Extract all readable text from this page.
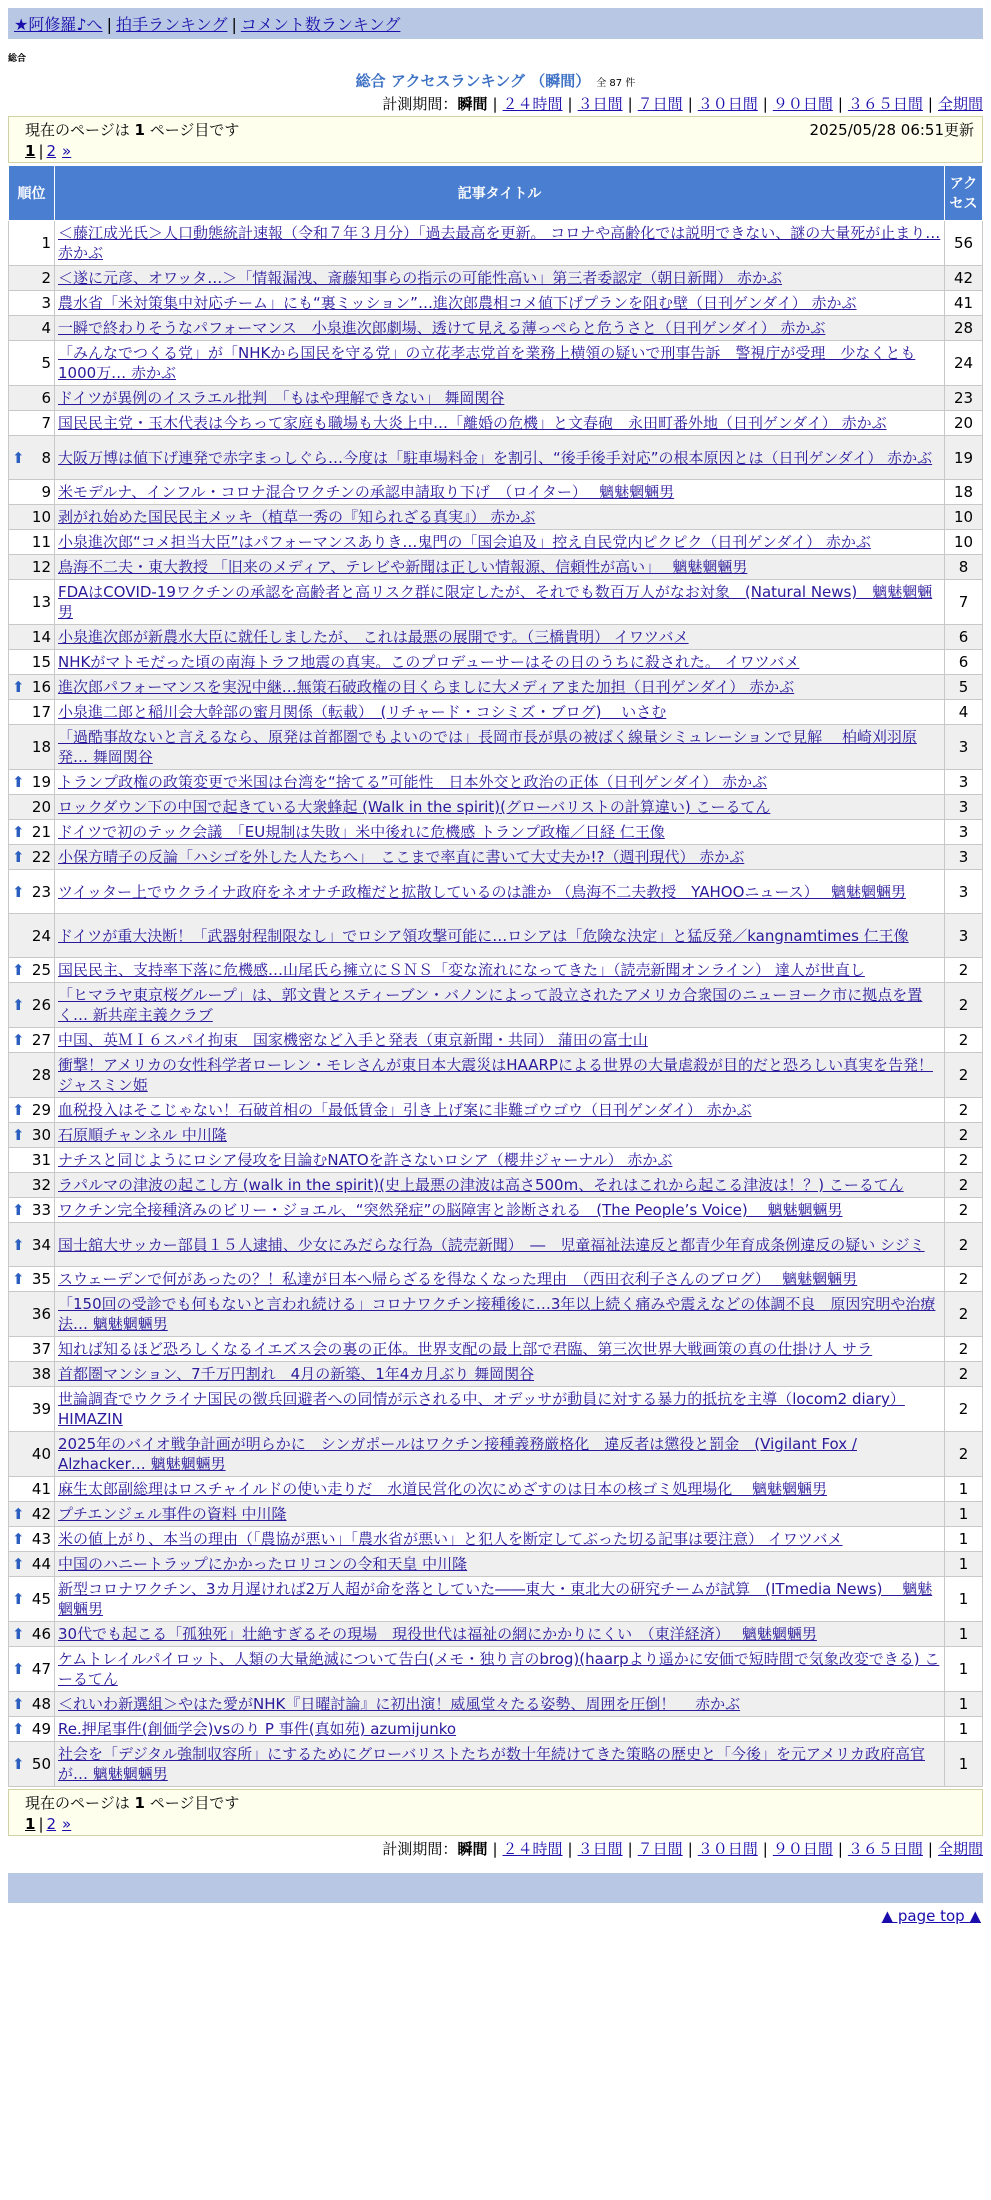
★阿修羅♪へ | 拍手ランキング | コメント数ランキング
総合
総合 アクセスランキング （瞬間） 全 87 件
計測期間：瞬間 | ２４時間 | ３日間 | ７日間 | ３０日間 | ９０日間 | ３６５日間 | 全期間
現在のページは 1 ページ目です	2025/05/28 06:51更新
1 | 2 »
順位	記事タイトル	アクセス
1	＜藤江成光氏＞人口動態統計速報（令和７年３月分）「過去最高を更新。 コロナや高齢化では説明できない、謎の大量死が止まり… 赤かぶ	56
2	＜遂に元彦、オワッタ…＞「情報漏洩、斎藤知事らの指示の可能性高い」第三者委認定（朝日新聞） 赤かぶ	42
3	農水省「米対策集中対応チーム」にも“裏ミッション”…進次郎農相コメ値下げプランを阻む壁（日刊ゲンダイ） 赤かぶ	41
4	一瞬で終わりそうなパフォーマンス　小泉進次郎劇場、透けて見える薄っぺらと危うさと（日刊ゲンダイ） 赤かぶ	28
5	「みんなでつくる党」が「NHKから国民を守る党」の立花孝志党首を業務上横領の疑いで刑事告訴　警視庁が受理　少なくとも1000万… 赤かぶ	24
6	ドイツが異例のイスラエル批判　「もはや理解できない」 舞岡関谷	23
7	国民民主党・玉木代表は今ちって家庭も職場も大炎上中…「離婚の危機」と文春砲　永田町番外地（日刊ゲンダイ） 赤かぶ	20

⬆ 8	大阪万博は値下げ連発で赤字まっしぐら…今度は「駐車場料金」を割引、“後手後手対応”の根本原因とは（日刊ゲンダイ） 赤かぶ	19
9	米モデルナ、インフル・コロナ混合ワクチンの承認申請取り下げ　（ロイター）　 魑魅魍魎男	18
10	剥がれ始めた国民民主メッキ（植草一秀の『知られざる真実』） 赤かぶ	10
11	小泉進次郎“コメ担当大臣”はパフォーマンスありき…鬼門の「国会追及」控え自民党内ピクピク（日刊ゲンダイ） 赤かぶ	10
12	鳥海不二夫・東大教授 「旧来のメディア、テレビや新聞は正しい情報源、信頼性が高い」　 魑魅魍魎男	8
13	FDAはCOVID-19ワクチンの承認を高齢者と高リスク群に限定したが、それでも数百万人がなお対象　(Natural News)　魑魅魍魎男	7
14	小泉進次郎が新農水大臣に就任しましたが、 これは最悪の展開です。（三橋貴明） イワツバメ	6
15	NHKがマトモだった頃の南海トラフ地震の真実。このプロデューサーはその日のうちに殺された。 イワツバメ	6

⬆ 16	進次郎パフォーマンスを実況中継…無策石破政権の目くらましに大メディアまた加担（日刊ゲンダイ） 赤かぶ	5
17	小泉進二郎と稲川会大幹部の蜜月関係（転載）　(リチャード・コシミズ・ブログ)　 いさむ	4
18	「過酷事故ないと言えるなら、原発は首都圏でもよいのでは」長岡市長が県の被ばく線量シミュレーションで見解　 柏崎刈羽原発… 舞岡関谷	3

⬆ 19	トランプ政権の政策変更で米国は台湾を“捨てる”可能性　日本外交と政治の正体（日刊ゲンダイ） 赤かぶ	3
20	ロックダウン下の中国で起きている大衆蜂起 (Walk in the spirit)(グローバリストの計算違い) こーるてん	3

⬆ 21	ドイツで初のテック会議　「EU規制は失敗」米中後れに危機感 トランプ政権／日経 仁王像	3

⬆ 22	小保方晴子の反論「ハシゴを外した人たちへ」　ここまで率直に書いて大丈夫か!?（週刊現代） 赤かぶ	3

⬆ 23	ツイッター上でウクライナ政府をネオナチ政権だと拡散しているのは誰か （鳥海不二夫教授　YAHOOニュース）　 魑魅魍魎男	3
24	ドイツが重大決断！「武器射程制限なし」でロシア領攻撃可能に…ロシアは「危険な決定」と猛反発／kangnamtimes 仁王像	3

⬆ 25	国民民主、支持率下落に危機感…山尾氏ら擁立にＳＮＳ「変な流れになってきた」（読売新聞オンライン） 達人が世直し	2

⬆ 26	「ヒマラヤ東京桜グループ」は、郭文貴とスティーブン・バノンによって設立されたアメリカ合衆国のニューヨーク市に拠点を置く… 新共産主義クラブ	2

⬆ 27	中国、英ＭＩ６スパイ拘束　国家機密など入手と発表（東京新聞・共同） 蒲田の富士山	2
28	衝撃！アメリカの女性科学者ローレン・モレさんが東日本大震災はHAARPによる世界の大量虐殺が目的だと恐ろしい真実を告発！ ジャスミン姫	2

⬆ 29	血税投入はそこじゃない！石破首相の「最低賃金」引き上げ案に非難ゴウゴウ（日刊ゲンダイ） 赤かぶ	2

⬆ 30	石原順チャンネル 中川隆	2
31	ナチスと同じようにロシア侵攻を目論むNATOを許さないロシア（櫻井ジャーナル） 赤かぶ	2
32	ラパルマの津波の起こし方 (walk in the spirit)(史上最悪の津波は高さ500m、それはこれから起こる津波は！？) こーるてん	2

⬆ 33	ワクチン完全接種済みのビリー・ジョエル、“突然発症”の脳障害と診断される　(The People’s Voice)　 魑魅魍魎男	2

⬆ 34	国士舘大サッカー部員１５人逮捕、少女にみだらな行為（読売新聞）　―　児童福祉法違反と都青少年育成条例違反の疑い シジミ	2

⬆ 35	スウェーデンで何があったの？！私達が日本へ帰らざるを得なくなった理由　（西田衣利子さんのブログ）　 魑魅魍魎男	2
36	「150回の受診でも何もないと言われ続ける」コロナワクチン接種後に…3年以上続く痛みや震えなどの体調不良　原因究明や治療法… 魑魅魍魎男	2
37	知れば知るほど恐ろしくなるイエズス会の裏の正体。世界支配の最上部で君臨、第三次世界大戦画策の真の仕掛け人 サラ	2
38	首都圏マンション、7千万円割れ　4月の新築、1年4カ月ぶり 舞岡関谷	2
39	世論調査でウクライナ国民の徴兵回避者への同情が示される中、オデッサが動員に対する暴力的抵抗を主導（locom2 diary） HIMAZIN	2
40	2025年のバイオ戦争計画が明らかに　シンガポールはワクチン接種義務厳格化　違反者は懲役と罰金　(Vigilant Fox / Alzhacker… 魑魅魍魎男	2
41	麻生太郎副総理はロスチャイルドの使い走りだ　水道民営化の次にめざすのは日本の核ゴミ処理場化　 魑魅魍魎男	1

⬆ 42	プチエンジェル事件の資料 中川隆	1

⬆ 43	米の値上がり、本当の理由（「農協が悪い」「農水省が悪い」と犯人を断定してぶった切る記事は要注意） イワツバメ	1

⬆ 44	中国のハニートラップにかかったロリコンの令和天皇 中川隆	1

⬆ 45	新型コロナワクチン、3カ月遅ければ2万人超が命を落としていた――東大・東北大の研究チームが試算　(ITmedia News)　 魑魅魍魎男	1

⬆ 46	30代でも起こる「孤独死」壮絶すぎるその現場　現役世代は福祉の網にかかりにくい　（東洋経済）　 魑魅魍魎男	1

⬆ 47	ケムトレイルパイロット、人類の大量絶滅について告白(メモ・独り言のbrog)(haarpより遥かに安価で短時間で気象改変できる) こーるてん	1

⬆ 48	＜れいわ新選組＞やはた愛がNHK『日曜討論』に初出演！威風堂々たる姿勢、周囲を圧倒！　 赤かぶ	1

⬆ 49	Re.押尾事件(創価学会)vsのり P 事件(真如苑) azumijunko	1

⬆ 50	社会を「デジタル強制収容所」にするためにグローバリストたちが数十年続けてきた策略の歴史と「今後」を元アメリカ政府高官が… 魑魅魍魎男	1
現在のページは 1 ページ目です
1 | 2 »
計測期間：瞬間 | ２４時間 | ３日間 | ７日間 | ３０日間 | ９０日間 | ３６５日間 | 全期間
▲ page top ▲
